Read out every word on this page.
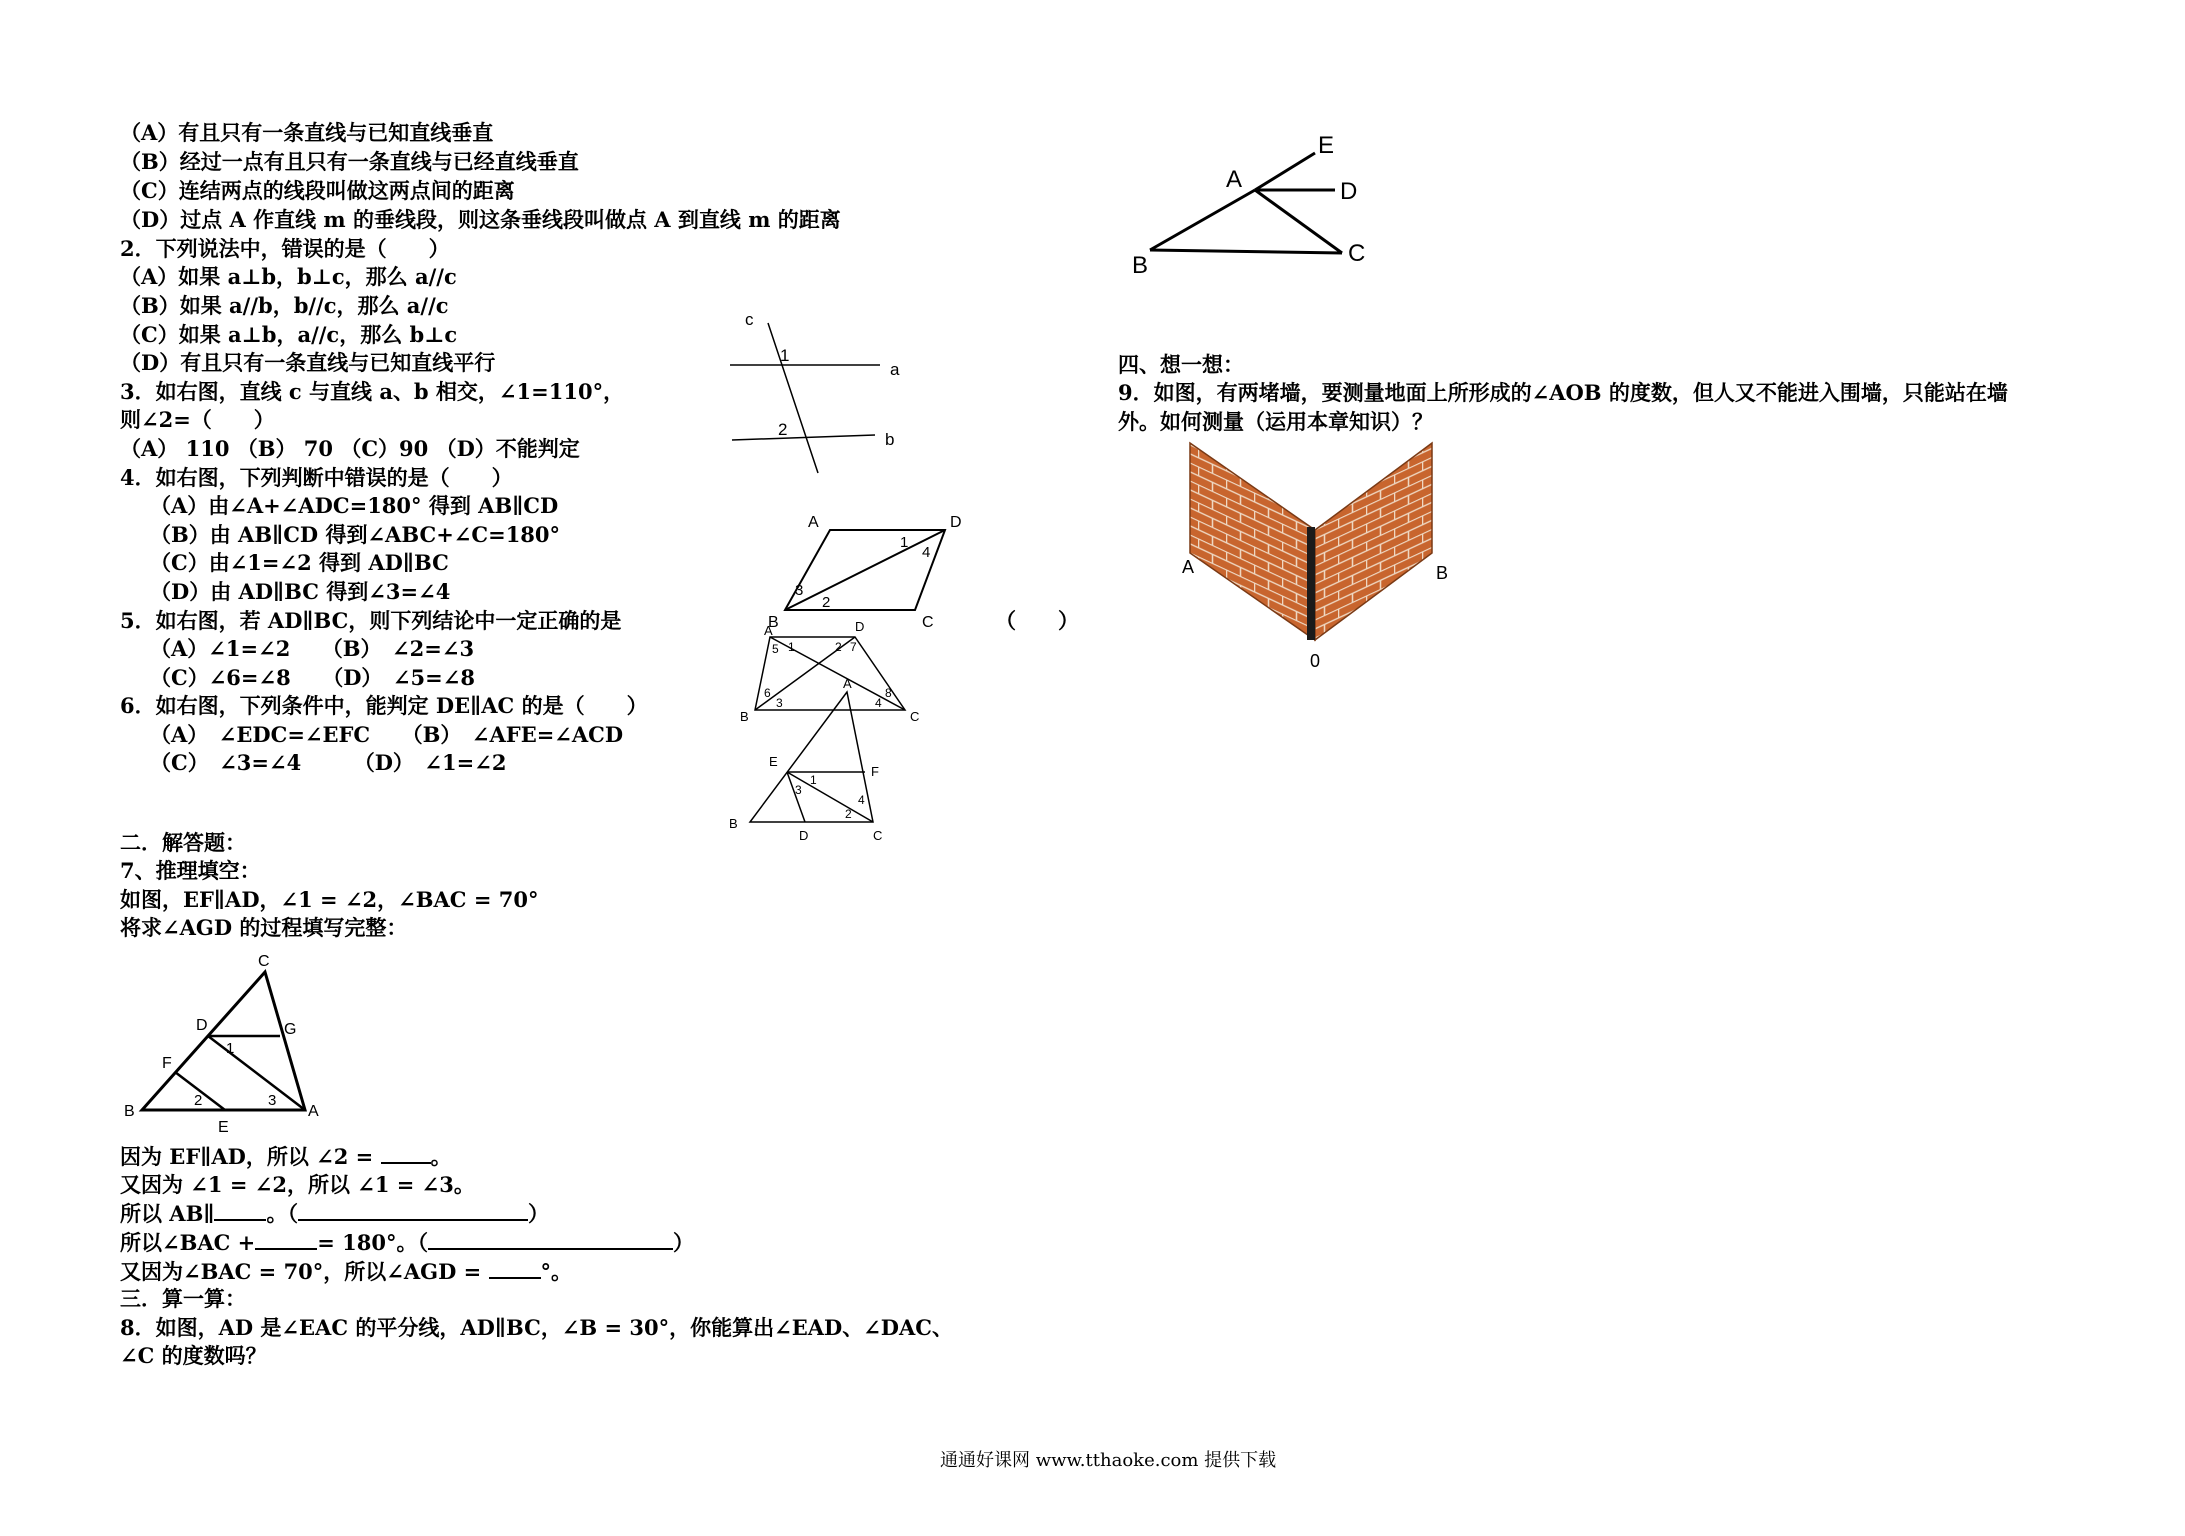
（A）有且只有一条直线与已知直线垂直
（B）经过一点有且只有一条直线与已经直线垂直
（C）连结两点的线段叫做这两点间的距离
（D）过点 A 作直线 m 的垂线段，则这条垂线段叫做点 A 到直线 m 的距离
2．下列说法中，错误的是（　　）
（A）如果 a⊥b，b⊥c，那么 a//c
（B）如果 a//b，b//c，那么 a//c
（C）如果 a⊥b，a//c，那么 b⊥c
（D）有且只有一条直线与已知直线平行
3．如右图，直线 c 与直线 a、b 相交，∠1=110°，
则∠2=（　　）
（A） 110 （B） 70 （C）90 （D）不能判定
c
a
b
1
2
4．如右图，下列判断中错误的是（　　）
（A）由∠A+∠ADC=180° 得到 AB∥CD
（B）由 AB∥CD 得到∠ABC+∠C=180°
（C）由∠1=∠2 得到 AD∥BC
（D）由 AD∥BC 得到∠3=∠4
A	D
B	C
1
2
3
4
5．如右图，若 AD∥BC，则下列结论中一定正确的是	（　　）
（A）∠1=∠2　　（B）　∠2=∠3
（C）∠6=∠8　　（D）　∠5=∠8
A	D
B	C
1	2
3	4
5
6
7
8
6．如右图，下列条件中，能判定 DE∥AC 的是（　　）
（A）　∠EDC=∠EFC　　（B）　∠AFE=∠ACD
（C）　∠3=∠4　　　（D）　∠1=∠2
A
E
F
B
D	C
1
2
3
4
二．解答题：
7、推理填空：
如图，EF∥AD，∠1 = ∠2，∠BAC = 70°
将求∠AGD 的过程填写完整：
C
D	G
F
B
E
A
1
2	3
因为 EF∥AD，所以 ∠2 = 。
又因为 ∠1 = ∠2，所以 ∠1 = ∠3。
所以 AB∥ 。（	）
所以∠BAC +	= 180°。（	）
又因为∠BAC = 70°，所以∠AGD = °。
三．算一算：
8．如图，AD 是∠EAC 的平分线，AD∥BC，∠B = 30°，你能算出∠EAD、∠DAC、
∠C 的度数吗？
E
A	D
B	C
四、想一想：
9．如图，有两堵墙，要测量地面上所形成的∠AOB 的度数，但人又不能进入围墙，只能站在墙
外。如何测量（运用本章知识）？
A	B
0
通通好课网 www.tthaoke.com 提供下载
